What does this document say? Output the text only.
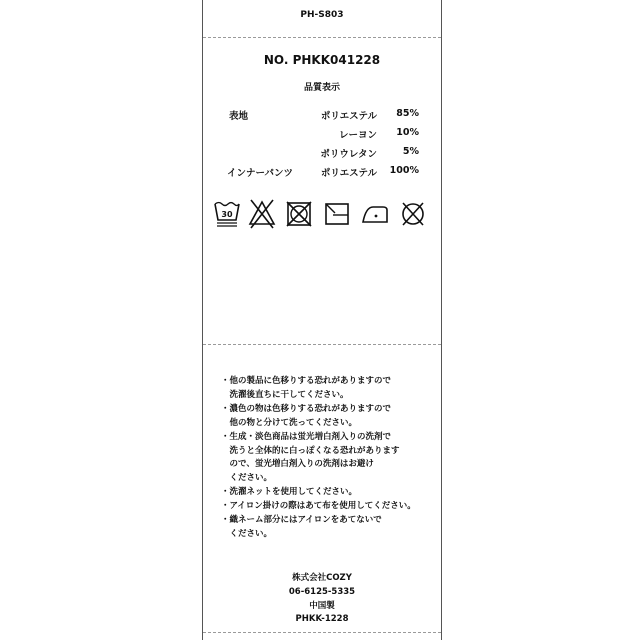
PH-S803
NO. PHKK041228
品質表示
表地	ポリエステル 85%
レーヨン 10%
ポリウレタン	5%
インナーパンツ	ポリエステル 100%
30
・他の製品に色移りする恐れがありますので
　洗濯後直ちに干してください。
・濃色の物は色移りする恐れがありますので
　他の物と分けて洗ってください。
・生成・淡色商品は蛍光増白剤入りの洗剤で
　洗うと全体的に白っぽくなる恐れがあります
　ので、蛍光増白剤入りの洗剤はお避け
　ください。
・洗濯ネットを使用してください。
・アイロン掛けの際はあて布を使用してください。
・織ネーム部分にはアイロンをあてないで
　ください。
株式会社COZY
06-6125-5335
中国製
PHKK-1228
